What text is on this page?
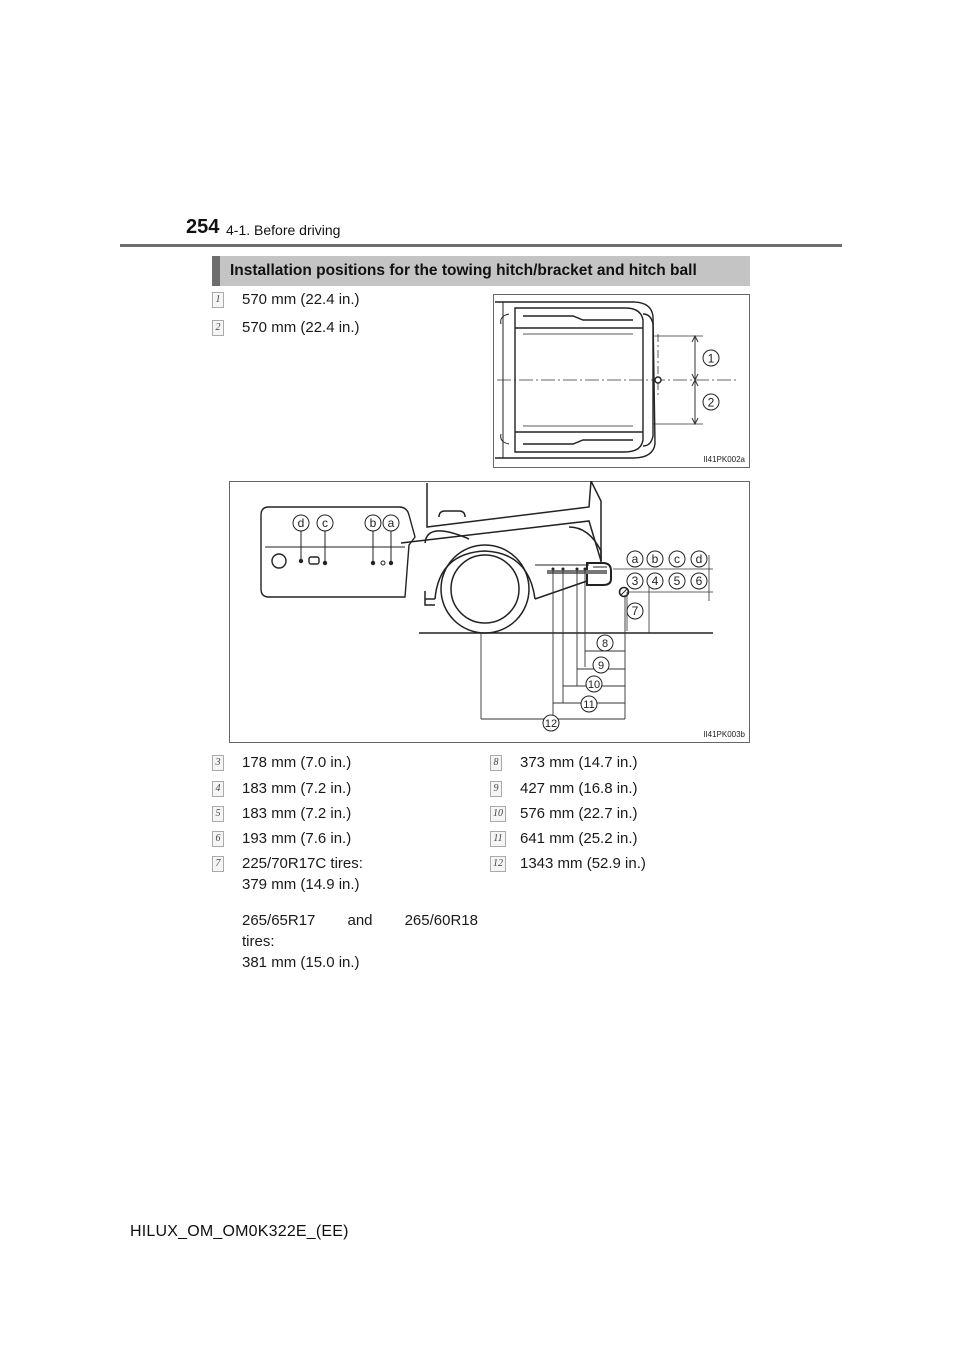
254 4-1. Before driving
Installation positions for the towing hitch/bracket and hitch ball
1 570 mm (22.4 in.)
2 570 mm (22.4 in.)
1
2
II41PK002a
d c	b a
a b c d
3 4 5 6
7
8
9
10
11
12
II41PK003b
3 178 mm (7.0 in.)
4 183 mm (7.2 in.)
5 183 mm (7.2 in.)
6 193 mm (7.6 in.)
7 225/70R17C tires:
379 mm (14.9 in.)
265/65R17 and 265/60R18
tires:
381 mm (15.0 in.)
8 373 mm (14.7 in.)
9 427 mm (16.8 in.)
10 576 mm (22.7 in.)
11 641 mm (25.2 in.)
12 1343 mm (52.9 in.)
HILUX_OM_OM0K322E_(EE)
